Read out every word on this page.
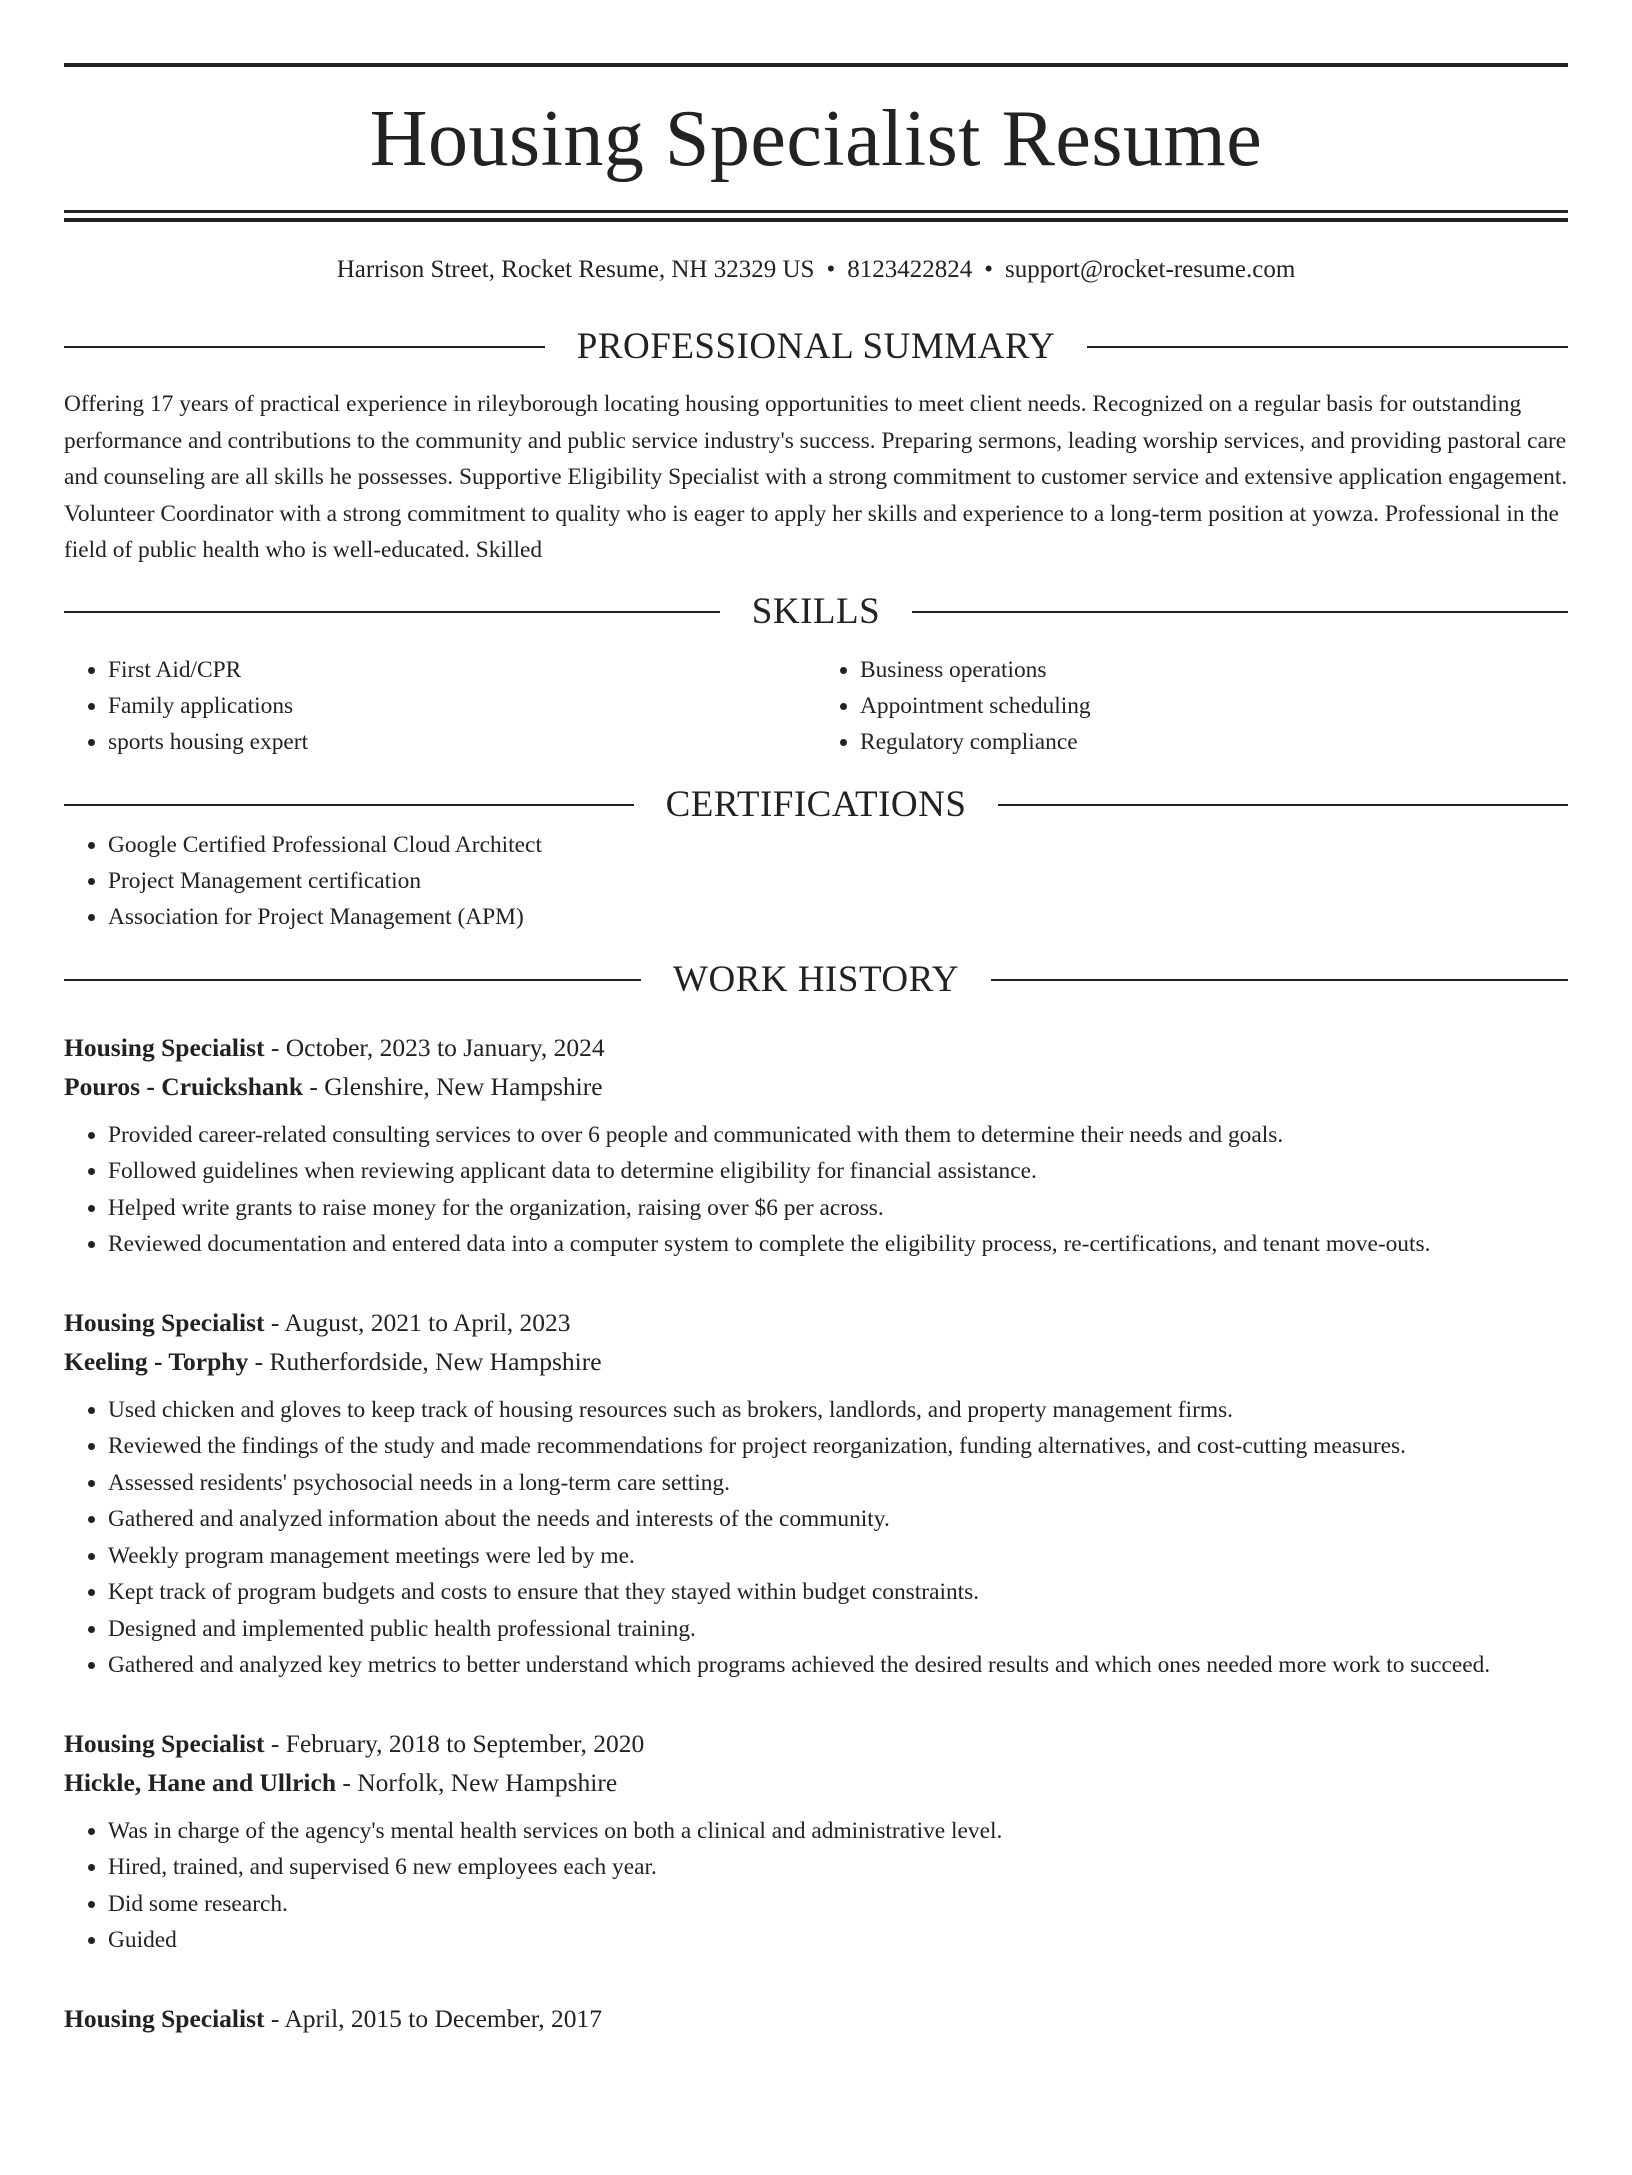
Housing Specialist Resume
Harrison Street, Rocket Resume, NH 32329 US • 8123422824 • support@rocket-resume.com
PROFESSIONAL SUMMARY

Offering 17 years of practical experience in rileyborough locating housing opportunities to meet client needs. Recognized on a regular basis for outstanding performance and contributions to the community and public service industry's success. Preparing sermons, leading worship services, and providing pastoral care and counseling are all skills he possesses. Supportive Eligibility Specialist with a strong commitment to customer service and extensive application engagement. Volunteer Coordinator with a strong commitment to quality who is eager to apply her skills and experience to a long-term position at yowza. Professional in the field of public health who is well-educated. Skilled

SKILLS
• First Aid/CPR
• Family applications
• sports housing expert
• Business operations
• Appointment scheduling
• Regulatory compliance
CERTIFICATIONS
• Google Certified Professional Cloud Architect
• Project Management certification
• Association for Project Management (APM)
WORK HISTORY
Housing Specialist - October, 2023 to January, 2024
Pouros - Cruickshank - Glenshire, New Hampshire
• Provided career-related consulting services to over 6 people and communicated with them to determine their needs and goals.
• Followed guidelines when reviewing applicant data to determine eligibility for financial assistance.
• Helped write grants to raise money for the organization, raising over $6 per across.
• Reviewed documentation and entered data into a computer system to complete the eligibility process, re-certifications, and tenant move-outs.
Housing Specialist - August, 2021 to April, 2023
Keeling - Torphy - Rutherfordside, New Hampshire
• Used chicken and gloves to keep track of housing resources such as brokers, landlords, and property management firms.
• Reviewed the findings of the study and made recommendations for project reorganization, funding alternatives, and cost-cutting measures.
• Assessed residents' psychosocial needs in a long-term care setting.
• Gathered and analyzed information about the needs and interests of the community.
• Weekly program management meetings were led by me.
• Kept track of program budgets and costs to ensure that they stayed within budget constraints.
• Designed and implemented public health professional training.
• Gathered and analyzed key metrics to better understand which programs achieved the desired results and which ones needed more work to succeed.
Housing Specialist - February, 2018 to September, 2020
Hickle, Hane and Ullrich - Norfolk, New Hampshire
• Was in charge of the agency's mental health services on both a clinical and administrative level.
• Hired, trained, and supervised 6 new employees each year.
• Did some research.
• Guided
Housing Specialist - April, 2015 to December, 2017
